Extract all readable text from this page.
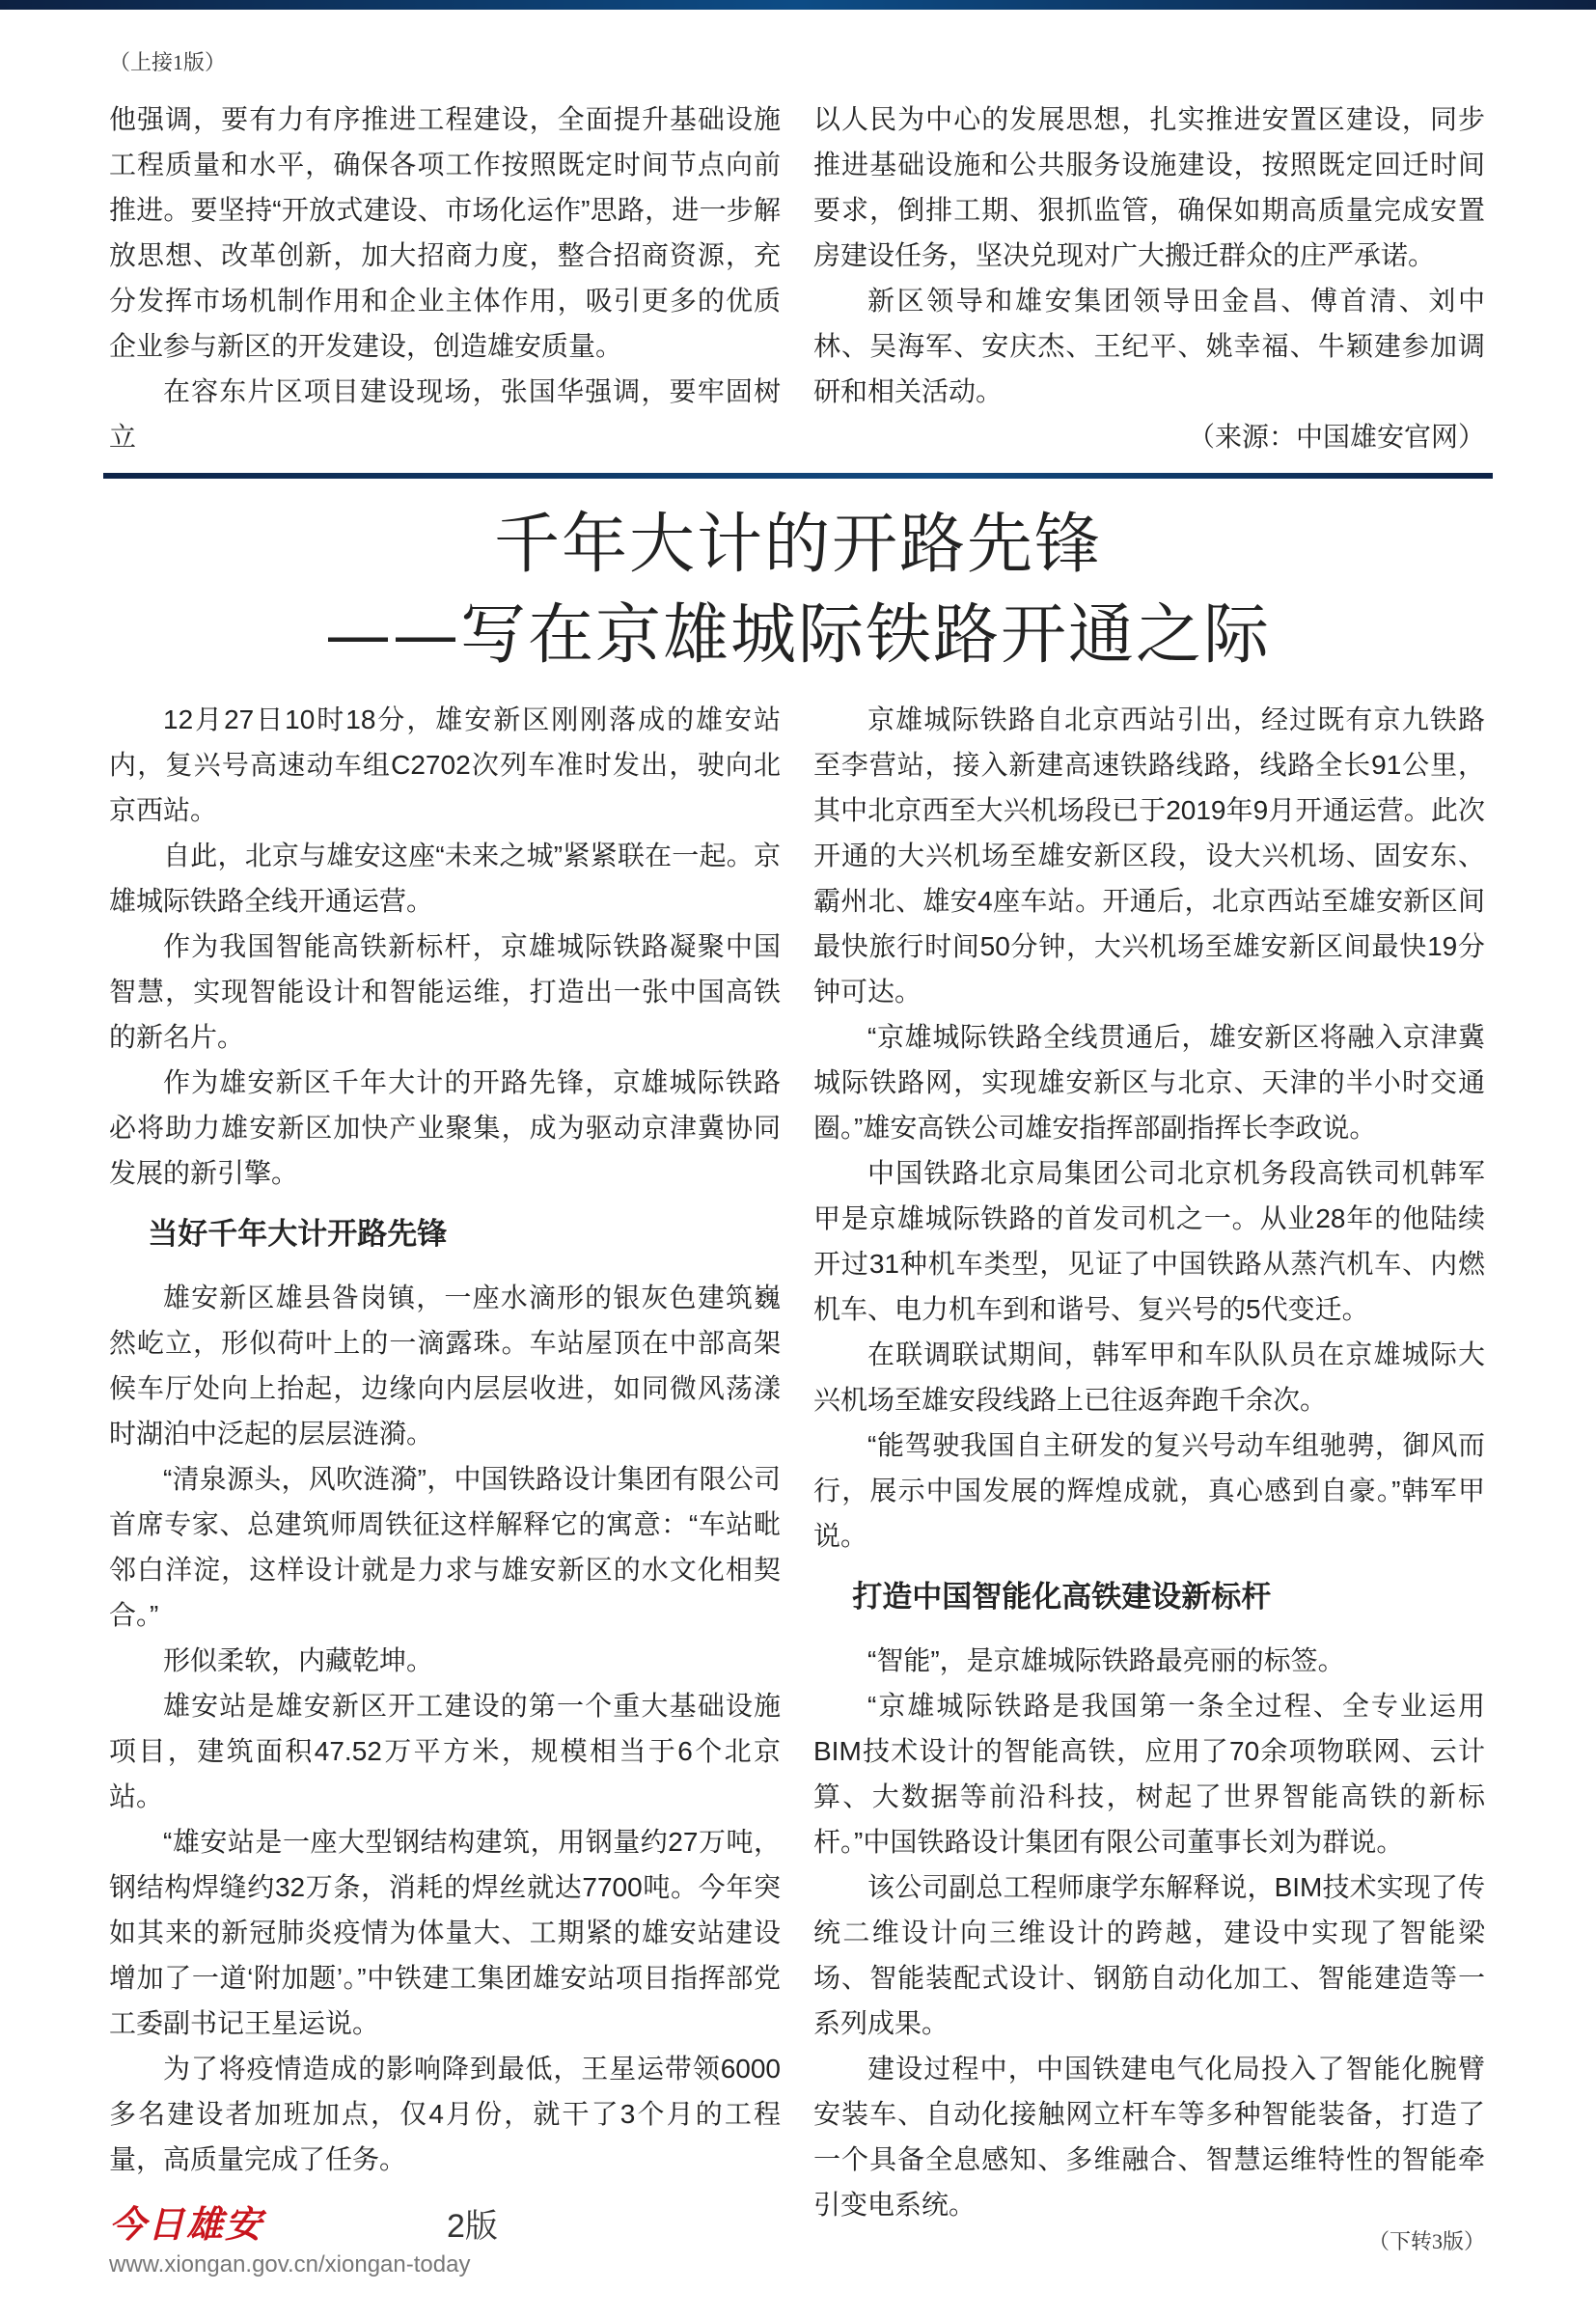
（上接1版）

他强调，要有力有序推进工程建设，全面提升基础设施工程质量和水平，确保各项工作按照既定时间节点向前推进。要坚持“开放式建设、市场化运作”思路，进一步解放思想、改革创新，加大招商力度，整合招商资源，充分发挥市场机制作用和企业主体作用，吸引更多的优质企业参与新区的开发建设，创造雄安质量。

在容东片区项目建设现场，张国华强调，要牢固树立

以人民为中心的发展思想，扎实推进安置区建设，同步推进基础设施和公共服务设施建设，按照既定回迁时间要求，倒排工期、狠抓监管，确保如期高质量完成安置房建设任务，坚决兑现对广大搬迁群众的庄严承诺。

新区领导和雄安集团领导田金昌、傅首清、刘中林、吴海军、安庆杰、王纪平、姚幸福、牛颖建参加调研和相关活动。

（来源：中国雄安官网）

千年大计的开路先锋
——写在京雄城际铁路开通之际

12月27日10时18分，雄安新区刚刚落成的雄安站内，复兴号高速动车组C2702次列车准时发出，驶向北京西站。

自此，北京与雄安这座“未来之城”紧紧联在一起。京雄城际铁路全线开通运营。

作为我国智能高铁新标杆，京雄城际铁路凝聚中国智慧，实现智能设计和智能运维，打造出一张中国高铁的新名片。

作为雄安新区千年大计的开路先锋，京雄城际铁路必将助力雄安新区加快产业聚集，成为驱动京津冀协同发展的新引擎。

当好千年大计开路先锋

雄安新区雄县昝岗镇，一座水滴形的银灰色建筑巍然屹立，形似荷叶上的一滴露珠。车站屋顶在中部高架候车厅处向上抬起，边缘向内层层收进，如同微风荡漾时湖泊中泛起的层层涟漪。

“清泉源头，风吹涟漪”，中国铁路设计集团有限公司首席专家、总建筑师周铁征这样解释它的寓意：“车站毗邻白洋淀，这样设计就是力求与雄安新区的水文化相契合。”

形似柔软，内藏乾坤。

雄安站是雄安新区开工建设的第一个重大基础设施项目，建筑面积47.52万平方米，规模相当于6个北京站。

“雄安站是一座大型钢结构建筑，用钢量约27万吨，钢结构焊缝约32万条，消耗的焊丝就达7700吨。今年突如其来的新冠肺炎疫情为体量大、工期紧的雄安站建设增加了一道‘附加题’。”中铁建工集团雄安站项目指挥部党工委副书记王星运说。

为了将疫情造成的影响降到最低，王星运带领6000多名建设者加班加点，仅4月份，就干了3个月的工程量，高质量完成了任务。

今日雄安	2版
www.xiongan.gov.cn/xiongan-today

京雄城际铁路自北京西站引出，经过既有京九铁路至李营站，接入新建高速铁路线路，线路全长91公里，其中北京西至大兴机场段已于2019年9月开通运营。此次开通的大兴机场至雄安新区段，设大兴机场、固安东、霸州北、雄安4座车站。开通后，北京西站至雄安新区间最快旅行时间50分钟，大兴机场至雄安新区间最快19分钟可达。

“京雄城际铁路全线贯通后，雄安新区将融入京津冀城际铁路网，实现雄安新区与北京、天津的半小时交通圈。”雄安高铁公司雄安指挥部副指挥长李政说。

中国铁路北京局集团公司北京机务段高铁司机韩军甲是京雄城际铁路的首发司机之一。从业28年的他陆续开过31种机车类型，见证了中国铁路从蒸汽机车、内燃机车、电力机车到和谐号、复兴号的5代变迁。

在联调联试期间，韩军甲和车队队员在京雄城际大兴机场至雄安段线路上已往返奔跑千余次。

“能驾驶我国自主研发的复兴号动车组驰骋，御风而行，展示中国发展的辉煌成就，真心感到自豪。”韩军甲说。

打造中国智能化高铁建设新标杆

“智能”，是京雄城际铁路最亮丽的标签。

“京雄城际铁路是我国第一条全过程、全专业运用BIM技术设计的智能高铁，应用了70余项物联网、云计算、大数据等前沿科技，树起了世界智能高铁的新标杆。”中国铁路设计集团有限公司董事长刘为群说。

该公司副总工程师康学东解释说，BIM技术实现了传统二维设计向三维设计的跨越，建设中实现了智能梁场、智能装配式设计、钢筋自动化加工、智能建造等一系列成果。

建设过程中，中国铁建电气化局投入了智能化腕臂安装车、自动化接触网立杆车等多种智能装备，打造了一个具备全息感知、多维融合、智慧运维特性的智能牵引变电系统。

（下转3版）
